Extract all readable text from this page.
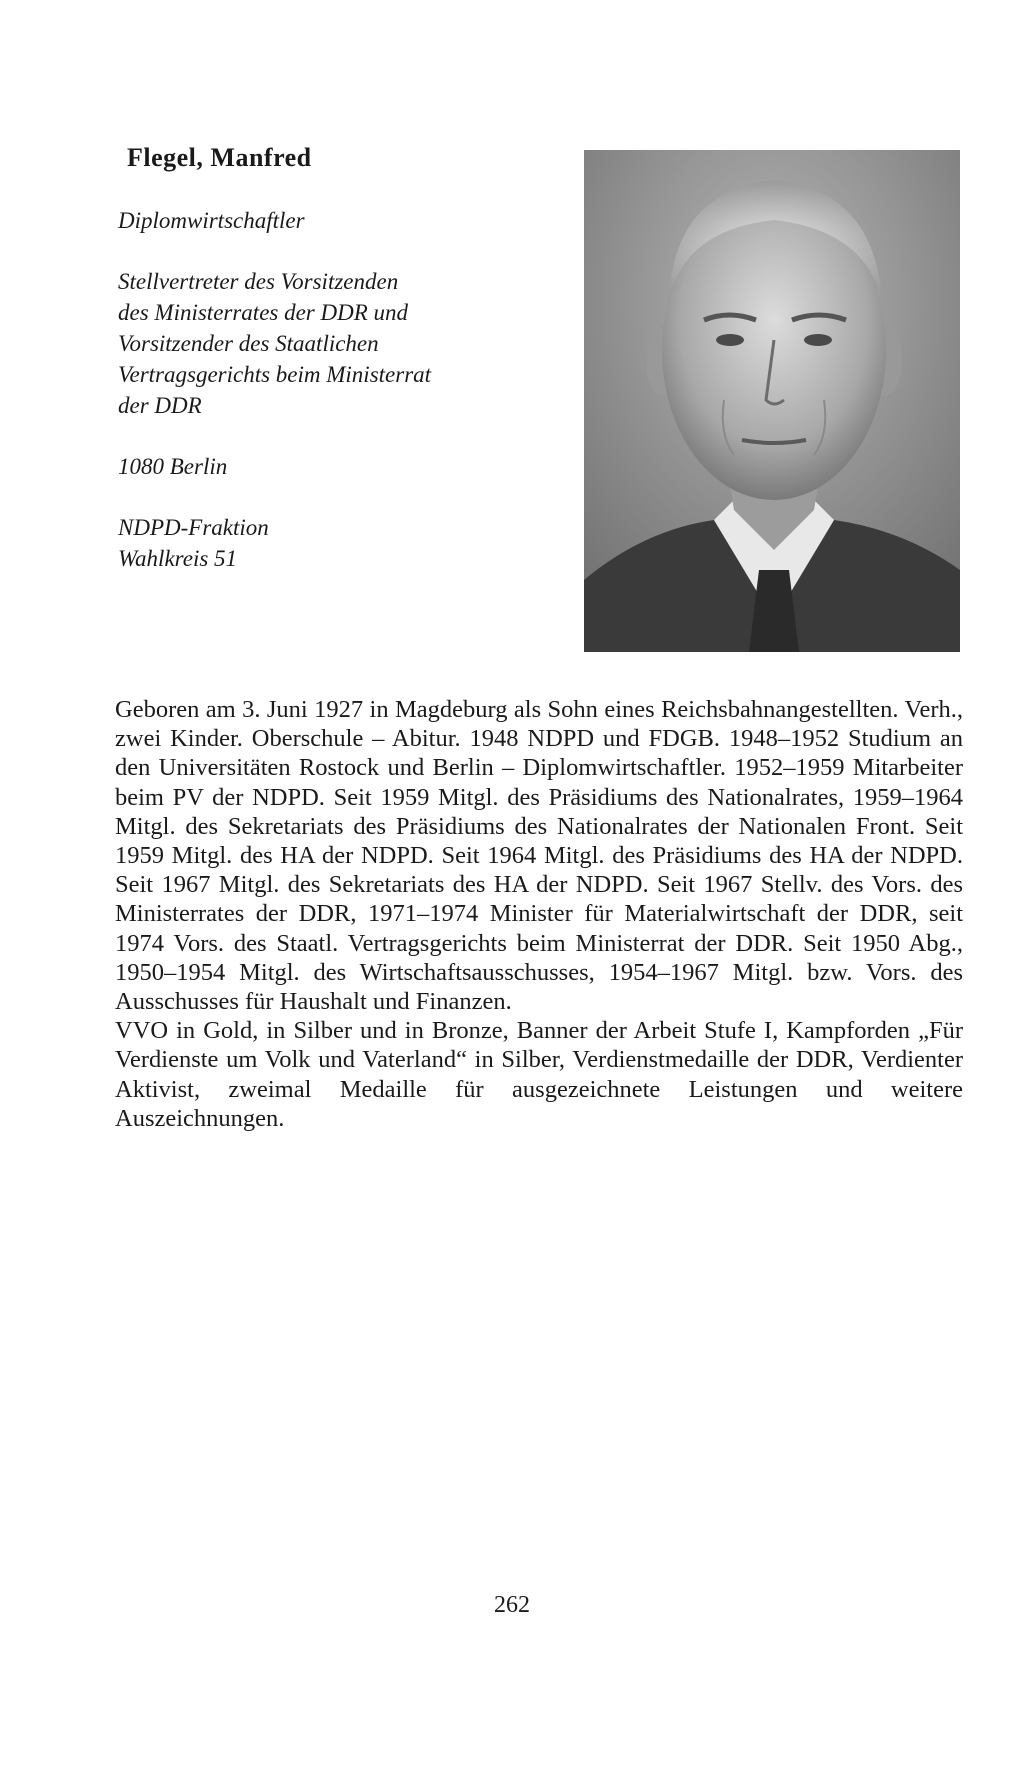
Flegel, Manfred

Diplomwirtschaftler

Stellvertreter des Vorsitzenden
des Ministerrates der DDR und
Vorsitzender des Staatlichen
Vertragsgerichts beim Ministerrat
der DDR

1080 Berlin

NDPD-Fraktion
Wahlkreis 51

Geboren am 3. Juni 1927 in Magdeburg als Sohn eines Reichsbahnangestellten. Verh., zwei Kinder. Oberschule – Abitur. 1948 NDPD und FDGB. 1948–1952 Studium an den Universitäten Rostock und Berlin – Diplomwirtschaftler. 1952–1959 Mitarbeiter beim PV der NDPD. Seit 1959 Mitgl. des Präsidiums des Nationalrates, 1959–1964 Mitgl. des Sekretariats des Präsidiums des Nationalrates der Nationalen Front. Seit 1959 Mitgl. des HA der NDPD. Seit 1964 Mitgl. des Präsidiums des HA der NDPD. Seit 1967 Mitgl. des Sekretariats des HA der NDPD. Seit 1967 Stellv. des Vors. des Ministerrates der DDR, 1971–1974 Minister für Materialwirtschaft der DDR, seit 1974 Vors. des Staatl. Vertragsgerichts beim Ministerrat der DDR. Seit 1950 Abg., 1950–1954 Mitgl. des Wirtschaftsausschusses, 1954–1967 Mitgl. bzw. Vors. des Ausschusses für Haushalt und Finanzen.

VVO in Gold, in Silber und in Bronze, Banner der Arbeit Stufe I, Kampforden „Für Verdienste um Volk und Vaterland“ in Silber, Verdienstmedaille der DDR, Verdienter Aktivist, zweimal Medaille für ausgezeichnete Leistungen und weitere Auszeichnungen.

262
